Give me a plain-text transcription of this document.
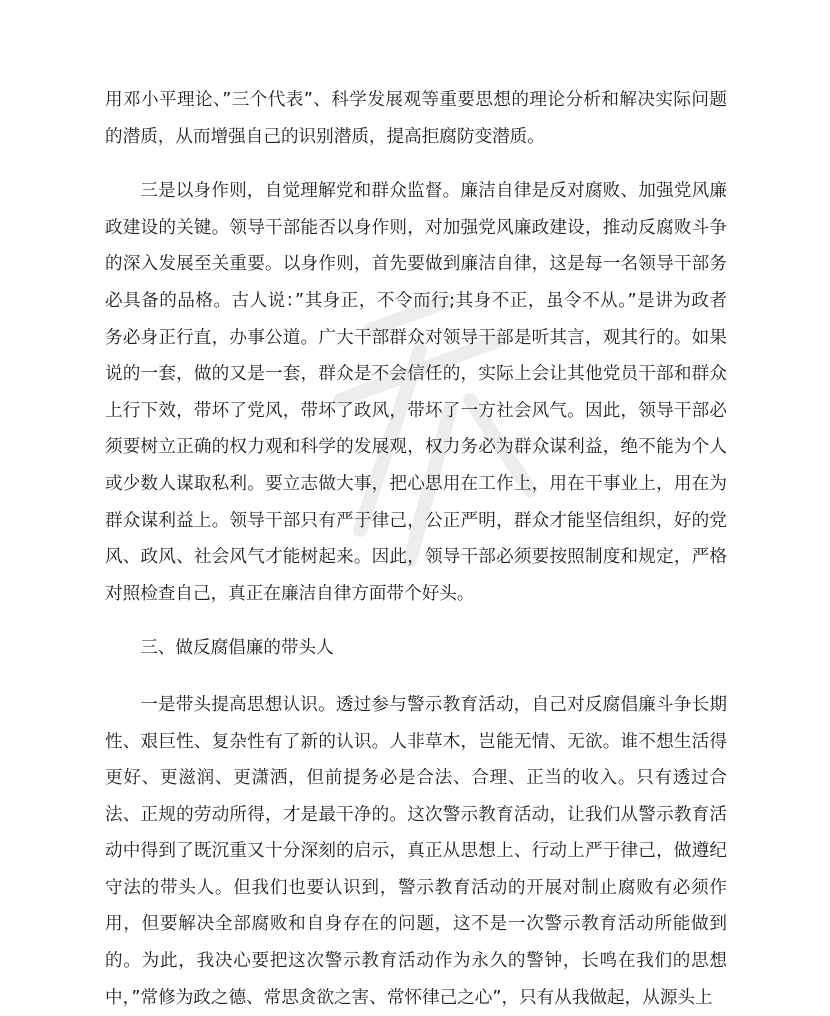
用邓小平理论、”三个代表”、科学发展观等重要思想的理论分析和解决实际问题的潜质，从而增强自己的识别潜质，提高拒腐防变潜质。

三是以身作则，自觉理解党和群众监督。廉洁自律是反对腐败、加强党风廉政建设的关键。领导干部能否以身作则，对加强党风廉政建设，推动反腐败斗争的深入发展至关重要。以身作则，首先要做到廉洁自律，这是每一名领导干部务必具备的品格。古人说：”其身正，不令而行;其身不正，虽令不从。”是讲为政者务必身正行直，办事公道。广大干部群众对领导干部是听其言，观其行的。如果说的一套，做的又是一套，群众是不会信任的，实际上会让其他党员干部和群众上行下效，带坏了党风，带坏了政风，带坏了一方社会风气。因此，领导干部必须要树立正确的权力观和科学的发展观，权力务必为群众谋利益，绝不能为个人或少数人谋取私利。要立志做大事，把心思用在工作上，用在干事业上，用在为群众谋利益上。领导干部只有严于律己，公正严明，群众才能坚信组织，好的党风、政风、社会风气才能树起来。因此，领导干部必须要按照制度和规定，严格对照检查自己，真正在廉洁自律方面带个好头。

三、做反腐倡廉的带头人

一是带头提高思想认识。透过参与警示教育活动，自己对反腐倡廉斗争长期性、艰巨性、复杂性有了新的认识。人非草木，岂能无情、无欲。谁不想生活得更好、更滋润、更潇洒，但前提务必是合法、合理、正当的收入。只有透过合法、正规的劳动所得，才是最干净的。这次警示教育活动，让我们从警示教育活动中得到了既沉重又十分深刻的启示，真正从思想上、行动上严于律己，做遵纪守法的带头人。但我们也要认识到，警示教育活动的开展对制止腐败有必须作用，但要解决全部腐败和自身存在的问题，这不是一次警示教育活动所能做到的。为此，我决心要把这次警示教育活动作为永久的警钟，长鸣在我们的思想中，”常修为政之德、常思贪欲之害、常怀律己之心”，只有从我做起，从源头上
